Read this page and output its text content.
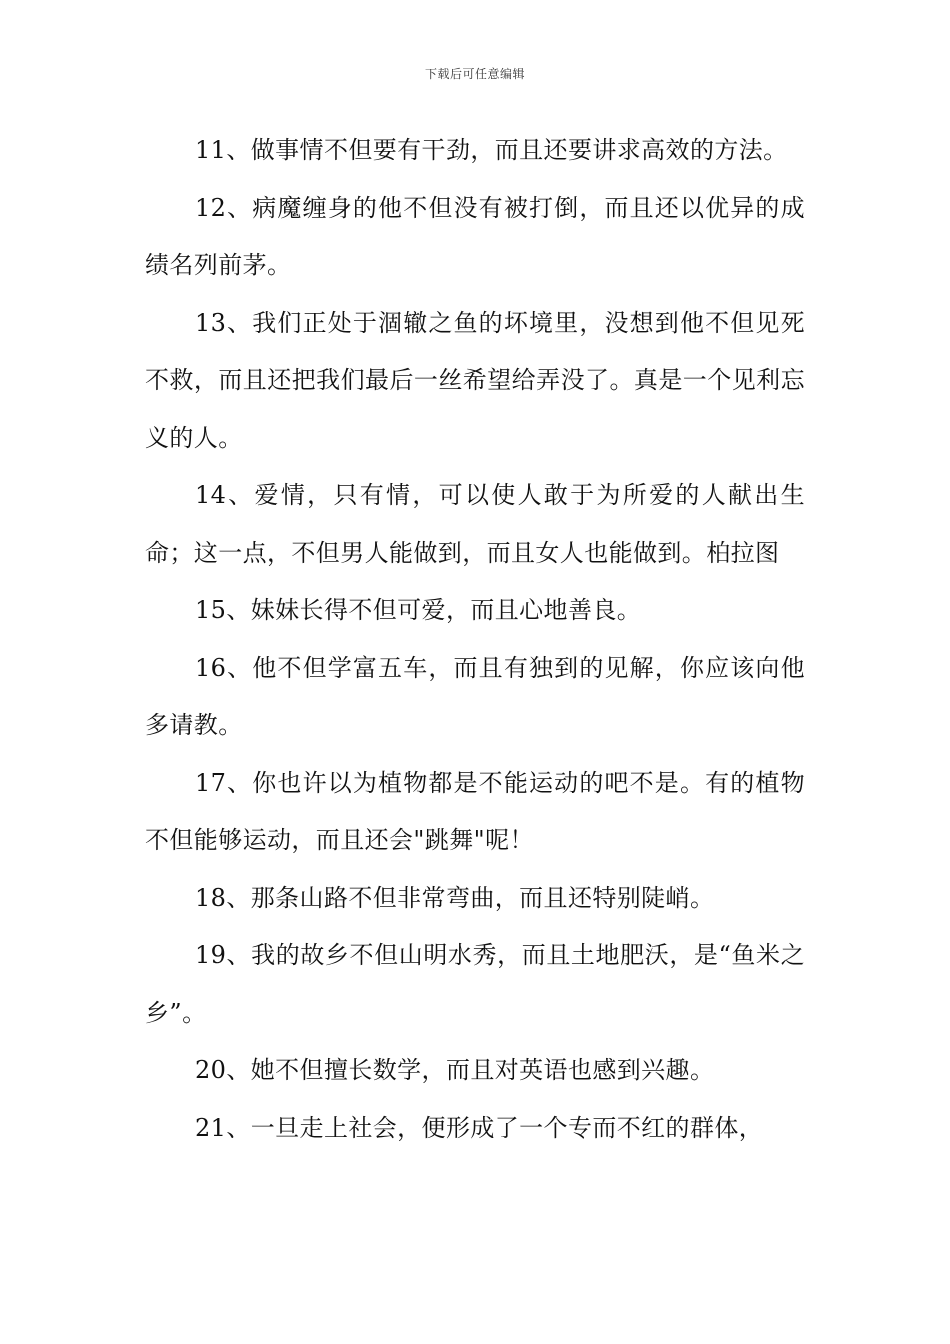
下载后可任意编辑

11、做事情不但要有干劲，而且还要讲求高效的方法。

12、病魔缠身的他不但没有被打倒，而且还以优异的成绩名列前茅。

13、我们正处于涸辙之鱼的坏境里，没想到他不但见死不救，而且还把我们最后一丝希望给弄没了。真是一个见利忘义的人。

14、爱情，只有情，可以使人敢于为所爱的人献出生命；这一点，不但男人能做到，而且女人也能做到。柏拉图

15、妹妹长得不但可爱，而且心地善良。

16、他不但学富五车，而且有独到的见解，你应该向他多请教。

17、你也许以为植物都是不能运动的吧不是。有的植物不但能够运动，而且还会"跳舞"呢！

18、那条山路不但非常弯曲，而且还特别陡峭。

19、我的故乡不但山明水秀，而且土地肥沃，是“鱼米之乡”。

20、她不但擅长数学，而且对英语也感到兴趣。

21、一旦走上社会，便形成了一个专而不红的群体，
